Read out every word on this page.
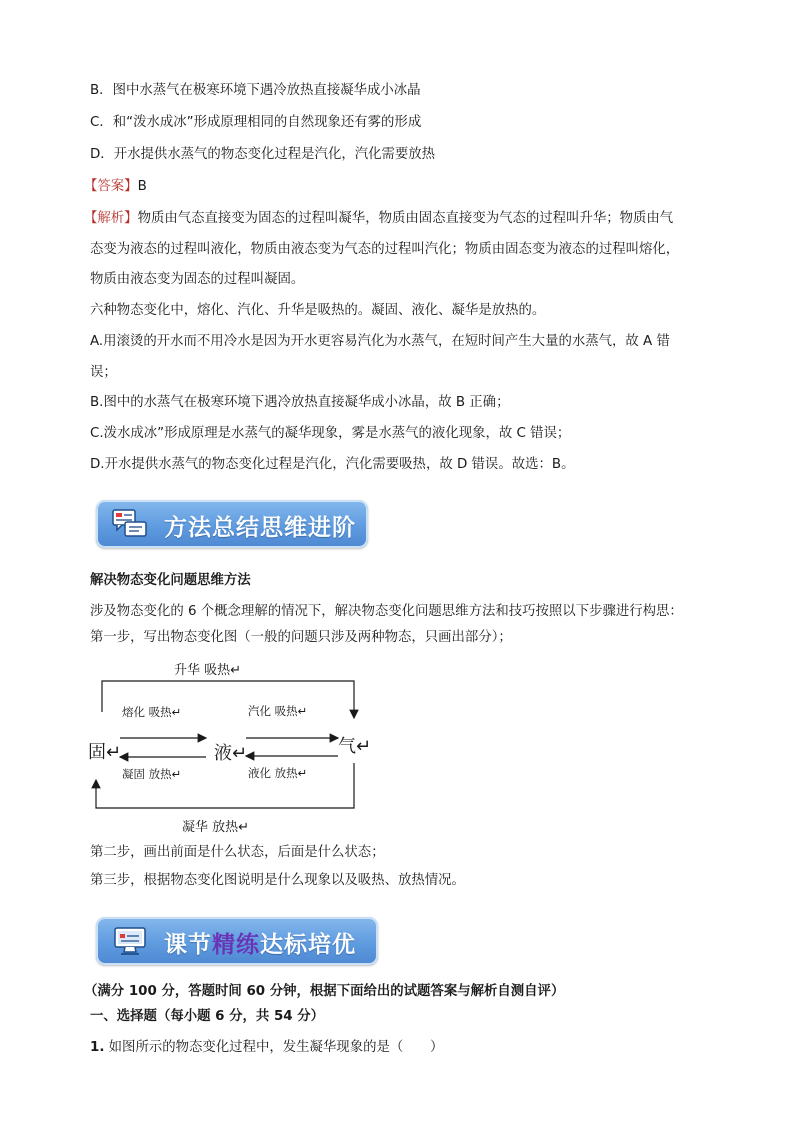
B．图中水蒸气在极寒环境下遇冷放热直接凝华成小冰晶
C．和“泼水成冰”形成原理相同的自然现象还有雾的形成
D．开水提供水蒸气的物态变化过程是汽化，汽化需要放热
【答案】B
【解析】物质由气态直接变为固态的过程叫凝华，物质由固态直接变为气态的过程叫升华；物质由气
态变为液态的过程叫液化，物质由液态变为气态的过程叫汽化；物质由固态变为液态的过程叫熔化，
物质由液态变为固态的过程叫凝固。
六种物态变化中，熔化、汽化、升华是吸热的。凝固、液化、凝华是放热的。
A.用滚烫的开水而不用冷水是因为开水更容易汽化为水蒸气，在短时间产生大量的水蒸气，故 A 错
误；
B.图中的水蒸气在极寒环境下遇冷放热直接凝华成小冰晶，故 B 正确；
C.泼水成冰”形成原理是水蒸气的凝华现象，雾是水蒸气的液化现象，故 C 错误；
D.开水提供水蒸气的物态变化过程是汽化，汽化需要吸热，故 D 错误。故选：B。
方法总结思维进阶
解决物态变化问题思维方法
涉及物态变化的 6 个概念理解的情况下，解决物态变化问题思维方法和技巧按照以下步骤进行构思：
第一步，写出物态变化图（一般的问题只涉及两种物态，只画出部分）；
升华 吸热↵
熔化 吸热↵
凝固 放热↵
汽化 吸热↵
液化 放热↵
固↵	液↵	气↵
凝华 放热↵
第二步，画出前面是什么状态，后面是什么状态；
第三步，根据物态变化图说明是什么现象以及吸热、放热情况。
课节精练达标培优
（满分 100 分，答题时间 60 分钟，根据下面给出的试题答案与解析自测自评）
一、选择题（每小题 6 分，共 54 分）
1. 如图所示的物态变化过程中，发生凝华现象的是（　　）
